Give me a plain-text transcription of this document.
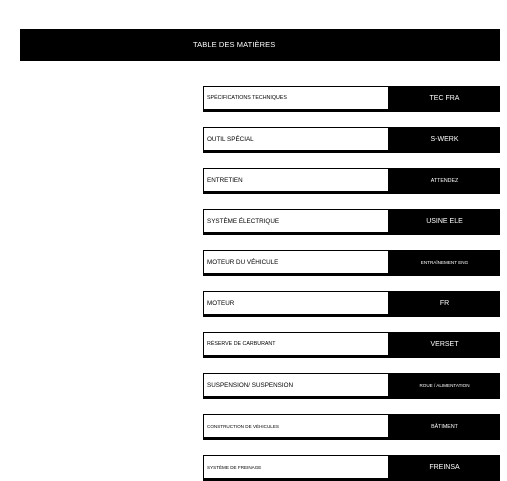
TABLE DES MATIÈRES
SPÉCIFICATIONS TECHNIQUES	TEC FRA
OUTIL SPÉCIAL	S-WERK
ENTRETIEN	ATTENDEZ
SYSTÈME ÉLECTRIQUE	USINE ELE
MOTEUR DU VÉHICULE	ENTRAÎNEMENT ENG
MOTEUR	FR
RÉSERVE DE CARBURANT	VERSET
SUSPENSION/ SUSPENSION	ROUE / ALIMENTATION
CONSTRUCTION DE VÉHICULES	BÂTIMENT
SYSTÈME DE FREINAGE	FREINSA
